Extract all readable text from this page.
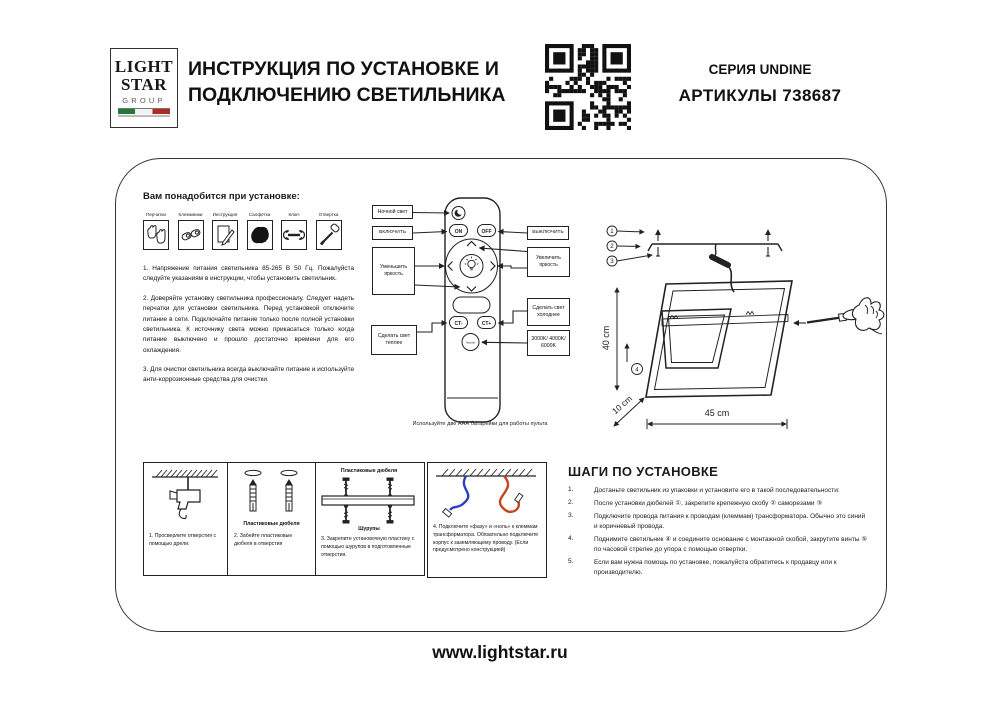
LIGHT
STAR
GROUP
ИНСТРУКЦИЯ ПО УСТАНОВКЕ И
ПОДКЛЮЧЕНИЮ СВЕТИЛЬНИКА
СЕРИЯ UNDINE
АРТИКУЛЫ 738687
Вам понадобится при установке:
Перчатки	Клеммники Инструкция	Салфетка	Ключ	Отвертка

1. Напряжение питания светильника 85-265 В 50 Гц. Пожалуйста следуйте указаниям в инструкции, чтобы установить светильник.

2. Доверяйте установку светильника профессионалу. Следует надеть перчатки для установки светильника. Перед установкой отключите питание в сети. Подключайте питание только после полной установки светильника. К источнику света можно прикасаться только когда питание выключено и прошло достаточно времени для его охлаждения.

3. Для очистки светильника всегда выключайте питание и используйте анти-коррозионные средства для очистки.

ON	OFF
CT-	CT+
Neutral
Ночной свет
ВКЛЮЧИТЬ
Уменьшить яркость
Сделать свет теплее
ВЫКЛЮЧИТЬ
Увеличить яркость
Сделать свет холоднее
3000K/ 4000K/ 6000K
Используйте две ААА батарейки для работы пульта
1
2
3
4
40 cm
10 cm	45 cm
1. Просверлите отверстия с помощью дрели.
Пластиковые дюбеля
2. Забейте пластиковые дюбеля в отверстия
Пластиковые дюбеля
Шурупы
3. Закрепите установочную пластину с помощью шурупов в подготовленные отверстия.
4. Подключите «фазу» и «ноль» к клеммам трансформатора. Обязательно подключите корпус к заземляющему проводу. (Если предусмотрено конструкцией)
ШАГИ ПО УСТАНОВКЕ
1.	Достаньте светильник из упаковки и установите его в такой последовательности:
2.	После установки дюбелей ①, закрепите крепежную скобу ② саморезами ③
3.	Подключите провода питания к проводам (клеммам) трансформатора. Обычно это синий и коричневый провода.
4.	Поднимите светильник ④ и соедините основание с монтажной скобой, закрутите винты ⑤ по часовой стрелке до упора с помощью отвертки.
5.	Если вам нужна помощь по установке, пожалуйста обратитесь к продавцу или к производителю.
www.lightstar.ru
